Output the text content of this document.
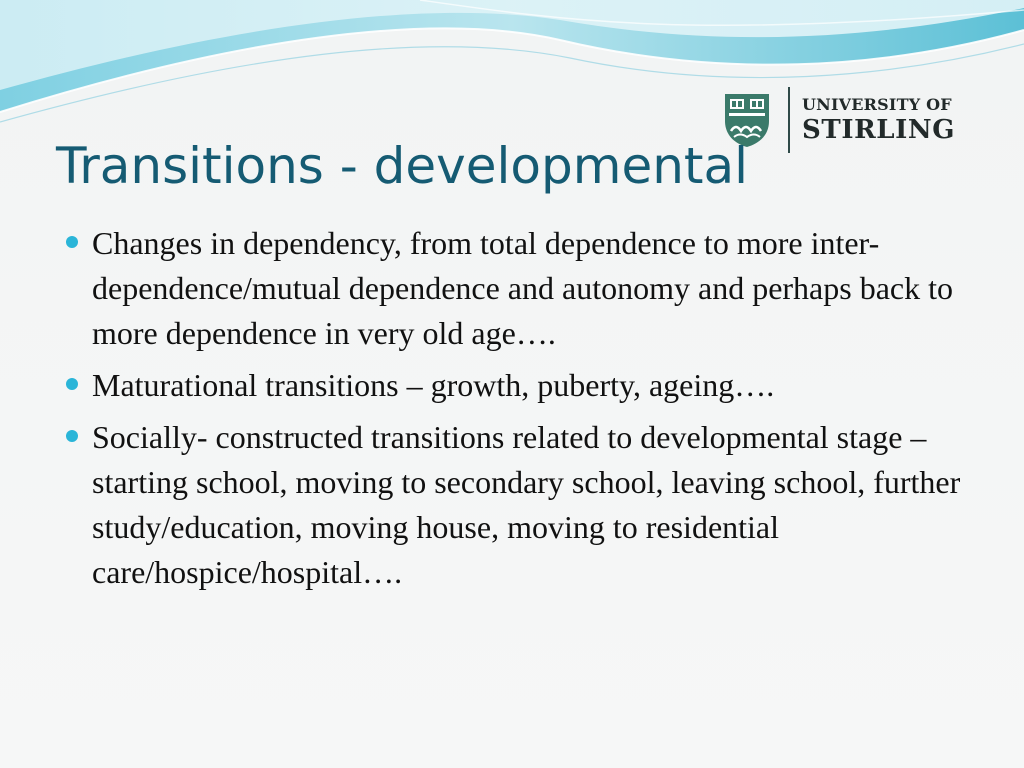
UNIVERSITY OF
STIRLING
Transitions - developmental
Changes in dependency, from total dependence to more inter-dependence/mutual dependence and autonomy and perhaps back to more dependence in very old age….
Maturational transitions – growth, puberty, ageing….
Socially- constructed transitions related to developmental stage – starting school, moving to secondary school, leaving school, further study/education, moving house, moving to residential care/hospice/hospital….
